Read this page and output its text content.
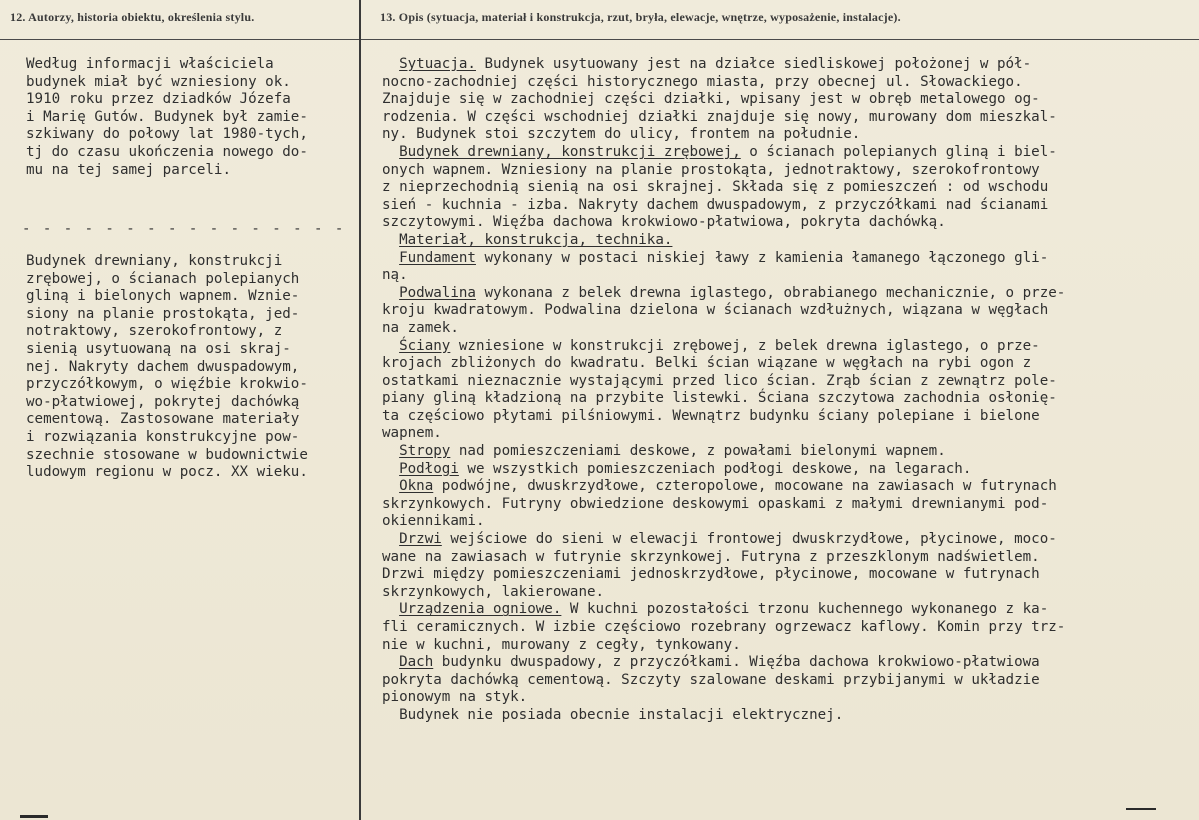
12. Autorzy, historia obiektu, określenia stylu.	13. Opis (sytuacja, materiał i konstrukcja, rzut, bryła, elewacje, wnętrze, wyposażenie, instalacje).
Według informacji właściciela
budynek miał być wzniesiony ok.
1910 roku przez dziadków Józefa
i Marię Gutów. Budynek był zamie-
szkiwany do połowy lat 1980-tych,
tj do czasu ukończenia nowego do-
mu na tej samej parceli.
- - - - - - - - - - - - - - - -
Budynek drewniany, konstrukcji
zrębowej, o ścianach polepianych
gliną i bielonych wapnem. Wznie-
siony na planie prostokąta, jed-
notraktowy, szerokofrontowy, z
sienią usytuowaną na osi skraj-
nej. Nakryty dachem dwuspadowym,
przyczółkowym, o więźbie krokwio-
wo-płatwiowej, pokrytej dachówką
cementową. Zastosowane materiały
i rozwiązania konstrukcyjne pow-
szechnie stosowane w budownictwie
ludowym regionu w pocz. XX wieku.
Sytuacja. Budynek usytuowany jest na działce siedliskowej położonej w pół-
nocno-zachodniej części historycznego miasta, przy obecnej ul. Słowackiego.
Znajduje się w zachodniej części działki, wpisany jest w obręb metalowego og-
rodzenia. W części wschodniej działki znajduje się nowy, murowany dom mieszkal-
ny. Budynek stoi szczytem do ulicy, frontem na południe.
Budynek drewniany, konstrukcji zrębowej, o ścianach polepianych gliną i biel-
onych wapnem. Wzniesiony na planie prostokąta, jednotraktowy, szerokofrontowy
z nieprzechodnią sienią na osi skrajnej. Składa się z pomieszczeń : od wschodu
sień - kuchnia - izba. Nakryty dachem dwuspadowym, z przyczółkami nad ścianami
szczytowymi. Więźba dachowa krokwiowo-płatwiowa, pokryta dachówką.
Materiał, konstrukcja, technika.
Fundament wykonany w postaci niskiej ławy z kamienia łamanego łączonego gli-
ną.
Podwalina wykonana z belek drewna iglastego, obrabianego mechanicznie, o prze-
kroju kwadratowym. Podwalina dzielona w ścianach wzdłużnych, wiązana w węgłach
na zamek.
Ściany wzniesione w konstrukcji zrębowej, z belek drewna iglastego, o prze-
krojach zbliżonych do kwadratu. Belki ścian wiązane w węgłach na rybi ogon z
ostatkami nieznacznie wystającymi przed lico ścian. Zrąb ścian z zewnątrz pole-
piany gliną kładzioną na przybite listewki. Ściana szczytowa zachodnia osłonię-
ta częściowo płytami pilśniowymi. Wewnątrz budynku ściany polepiane i bielone
wapnem.
Stropy nad pomieszczeniami deskowe, z powałami bielonymi wapnem.
Podłogi we wszystkich pomieszczeniach podłogi deskowe, na legarach.
Okna podwójne, dwuskrzydłowe, czteropolowe, mocowane na zawiasach w futrynach
skrzynkowych. Futryny obwiedzione deskowymi opaskami z małymi drewnianymi pod-
okiennikami.
Drzwi wejściowe do sieni w elewacji frontowej dwuskrzydłowe, płycinowe, moco-
wane na zawiasach w futrynie skrzynkowej. Futryna z przeszklonym nadświetlem.
Drzwi między pomieszczeniami jednoskrzydłowe, płycinowe, mocowane w futrynach
skrzynkowych, lakierowane.
Urządzenia ogniowe. W kuchni pozostałości trzonu kuchennego wykonanego z ka-
fli ceramicznych. W izbie częściowo rozebrany ogrzewacz kaflowy. Komin przy trz-
nie w kuchni, murowany z cegły, tynkowany.
Dach budynku dwuspadowy, z przyczółkami. Więźba dachowa krokwiowo-płatwiowa
pokryta dachówką cementową. Szczyty szalowane deskami przybijanymi w układzie
pionowym na styk.
Budynek nie posiada obecnie instalacji elektrycznej.
